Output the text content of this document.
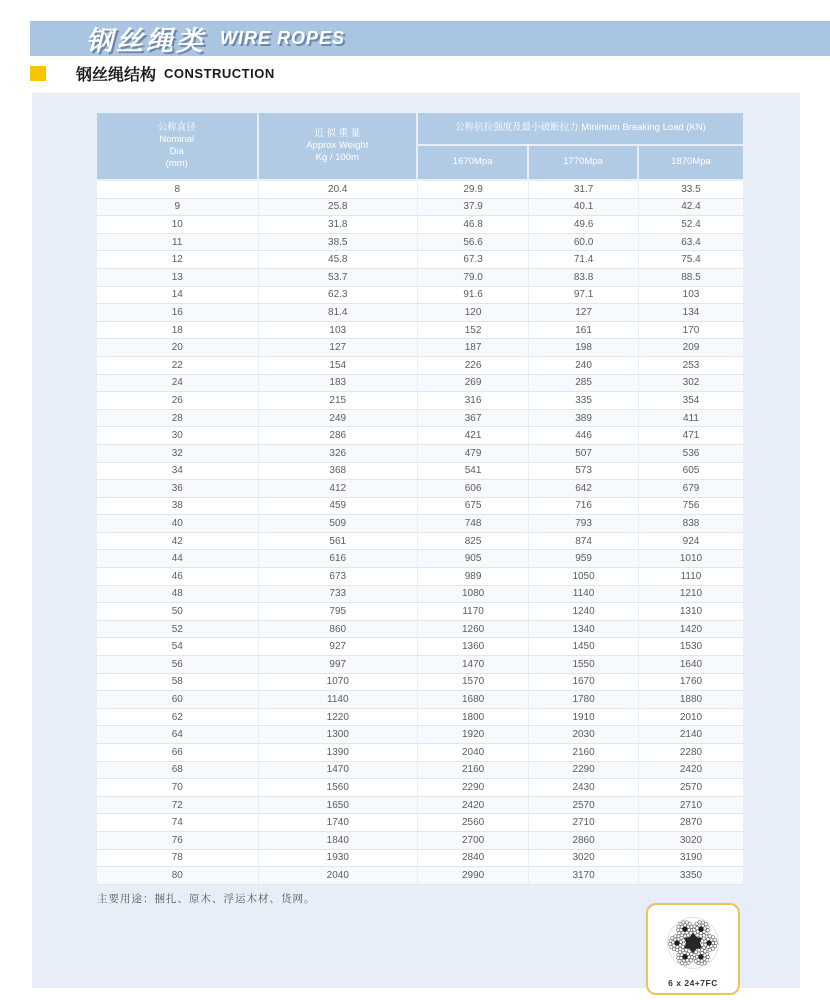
钢丝绳类 WIRE ROPES
钢丝绳结构 CONSTRUCTION
公称直径
Nominal
Dia
(mm)

近 似 重 量
Approx Weight
Kg / 100m
	公称抗拉强度及最小破断拉力 Minimum Breaking Load (KN)
		1670Mpa	1770Mpa	1870Mpa
8	20.4	29.9	31.7	33.5
9	25.8	37.9	40.1	42.4
10	31.8	46.8	49.6	52.4
11	38.5	56.6	60.0	63.4
12	45.8	67.3	71.4	75.4
13	53.7	79.0	83.8	88.5
14	62.3	91.6	97.1	103
16	81.4	120	127	134
18	103	152	161	170
20	127	187	198	209
22	154	226	240	253
24	183	269	285	302
26	215	316	335	354
28	249	367	389	411
30	286	421	446	471
32	326	479	507	536
34	368	541	573	605
36	412	606	642	679
38	459	675	716	756
40	509	748	793	838
42	561	825	874	924
44	616	905	959	1010
46	673	989	1050	1110
48	733	1080	1140	1210
50	795	1170	1240	1310
52	860	1260	1340	1420
54	927	1360	1450	1530
56	997	1470	1550	1640
58	1070	1570	1670	1760
60	1140	1680	1780	1880
62	1220	1800	1910	2010
64	1300	1920	2030	2140
66	1390	2040	2160	2280
68	1470	2160	2290	2420
70	1560	2290	2430	2570
72	1650	2420	2570	2710
74	1740	2560	2710	2870
76	1840	2700	2860	3020
78	1930	2840	3020	3190
80	2040	2990	3170	3350
主要用途：捆扎、原木、浮运木材、货网。
6 x 24+7FC
